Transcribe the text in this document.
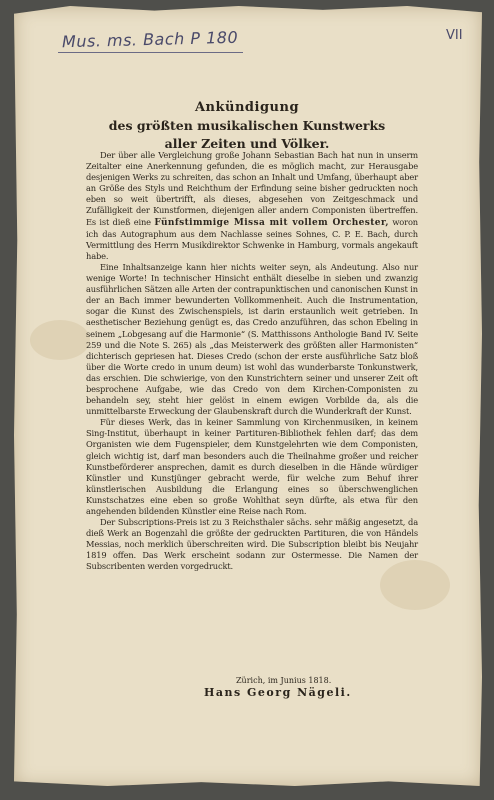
Mus. ms. Bach P 180	VII
Ankündigung
des größten musikalischen Kunstwerks
aller Zeiten und Völker.

Der über alle Vergleichung große Johann Sebastian Bach hat nun in unserm Zeitalter eine Anerkennung gefunden, die es möglich macht, zur Herausgabe desjenigen Werks zu schreiten, das schon an Inhalt und Umfang, überhaupt aber an Größe des Styls und Reichthum der Erfindung seine bisher gedruckten noch eben so weit übertrifft, als dieses, abgesehen von Zeitgeschmack und Zufälligkeit der Kunstformen, diejenigen aller andern Componisten übertreffen. Es ist dieß eine Fünfstimmige Missa mit vollem Orchester, woron ich das Autographum aus dem Nachlasse seines Sohnes, C. P. E. Bach, durch Vermittlung des Herrn Musikdirektor Schwenke in Hamburg, vormals angekauft habe.

Eine Inhaltsanzeige kann hier nichts weiter seyn, als Andeutung. Also nur wenige Worte! In technischer Hinsicht enthält dieselbe in sieben und zwanzig ausführlichen Sätzen alle Arten der contrapunktischen und canonischen Kunst in der an Bach immer bewunderten Vollkommenheit. Auch die Instrumentation, sogar die Kunst des Zwischenspiels, ist darin erstaunlich weit getrieben. In aesthetischer Beziehung genügt es, das Credo anzuführen, das schon Ebeling in seinem „Lobgesang auf die Harmonie“ (S. Matthissons Anthologie Band IV. Seite 259 und die Note S. 265) als „das Meisterwerk des größten aller Harmonisten“ dichterisch gepriesen hat. Dieses Credo (schon der erste ausführliche Satz bloß über die Worte credo in unum deum) ist wohl das wunderbarste Tonkunstwerk, das erschien. Die schwierige, von den Kunstrichtern seiner und unserer Zeit oft besprochene Aufgabe, wie das Credo von dem Kirchen-Componisten zu behandeln sey, steht hier gelöst in einem ewigen Vorbilde da, als die unmittelbarste Erweckung der Glaubenskraft durch die Wunderkraft der Kunst.

Für dieses Werk, das in keiner Sammlung von Kirchenmusiken, in keinem Sing-Institut, überhaupt in keiner Partituren-Bibliothek fehlen darf; das dem Organisten wie dem Fugenspieler, dem Kunstgelehrten wie dem Componisten, gleich wichtig ist, darf man besonders auch die Theilnahme großer und reicher Kunstbeförderer ansprechen, damit es durch dieselben in die Hände würdiger Künstler und Kunstjünger gebracht werde, für welche zum Behuf ihrer künstlerischen Ausbildung die Erlangung eines so überschwenglichen Kunstschatzes eine eben so große Wohlthat seyn dürfte, als etwa für den angehenden bildenden Künstler eine Reise nach Rom.

Der Subscriptions-Preis ist zu 3 Reichsthaler sächs. sehr mäßig angesetzt, da dieß Werk an Bogenzahl die größte der gedruckten Partituren, die von Händels Messias, noch merklich überschreiten wird. Die Subscription bleibt bis Neujahr 1819 offen. Das Werk erscheint sodann zur Ostermesse. Die Namen der Subscribenten werden vorgedruckt.

Zürich, im Junius 1818.
Hans Georg Nägeli.
